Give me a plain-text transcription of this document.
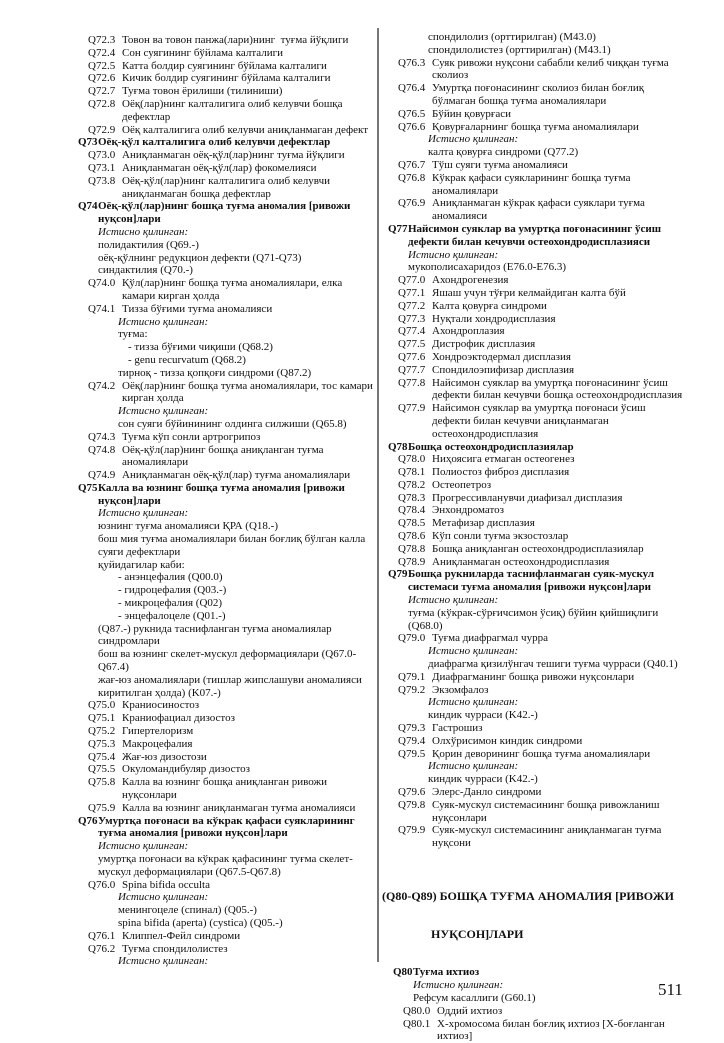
Q72.3 Товон ва товон панжа(лари)нинг  туғма йўқлиги
Q72.4 Сон суягининг бўйлама калталиги
Q72.5 Катта болдир суягининг бўйлама калталиги
Q72.6 Кичик болдир суягининг бўйлама калталиги
Q72.7 Туғма товон ёрилиши (тилиниши)
Q72.8 Оёқ(лар)нинг калталигига олиб келувчи бошқа
дефектлар
Q72.9 Оёқ калталигига олиб келувчи аниқланмаган дефект
Q73 Оёқ-қўл калталигига олиб келувчи дефектлар
Q73.0 Аниқланмаган оёқ-қўл(лар)нинг туғма йўқлиги
Q73.1 Аниқланмаган оёқ-қўл(лар) фокомелияси
Q73.8 Оёқ-қўл(лар)нинг калталигига олиб келувчи
аниқланмаган бошқа дефектлар
Q74 Оёқ-қўл(лар)нинг бошқа туғма аномалия [ривожи
нуқсон]лари
Истисно қилинган:
полидактилия (Q69.-)
оёқ-қўлнинг редукцион дефекти (Q71-Q73)
синдактилия (Q70.-)
Q74.0 Қўл(лар)нинг бошқа туғма аномалиялари, елка
камари кирган ҳолда
Q74.1 Тизза бўғими туғма аномалияси
Истисно қилинган:
туғма:
- тизза бўғими чиқиши (Q68.2)
- genu recurvatum (Q68.2)
тирноқ - тизза қопқоғи синдроми (Q87.2)
Q74.2 Оёқ(лар)нинг бошқа туғма аномалиялари, тос камари
кирган ҳолда
Истисно қилинган:
сон суяги бўйинининг олдинга силжиши (Q65.8)
Q74.3 Туғма кўп сонли артрогрипоз
Q74.8 Оёқ-қўл(лар)нинг бошқа аниқланган туғма
аномалиялари
Q74.9 Аниқланмаган оёқ-қўл(лар) туғма аномалиялари
Q75 Калла ва юзнинг бошқа туғма аномалия [ривожи
нуқсон]лари
Истисно қилинган:
юзнинг туғма аномалияси ҚРА (Q18.-)
бош мия туғма аномалиялари билан боғлиқ бўлган калла
суяги дефектлари
қуйидагилар каби:
- анэнцефалия (Q00.0)
- гидроцефалия (Q03.-)
- микроцефалия (Q02)
- энцефалоцеле (Q01.-)
(Q87.-) рукнида таснифланган туғма аномалиялар
синдромлари
бош ва юзнинг скелет-мускул деформациялари (Q67.0-
Q67.4)
жағ-юз аномалиялари (тишлар жипслашуви аномалияси
киритилган ҳолда) (K07.-)
Q75.0 Краниосиностоз
Q75.1 Краниофациал дизостоз
Q75.2 Гипертелоризм
Q75.3 Макроцефалия
Q75.4 Жағ-юз дизостози
Q75.5 Окуломандибуляр дизостоз
Q75.8 Калла ва юзнинг бошқа аниқланган ривожи
нуқсонлари
Q75.9 Калла ва юзнинг аниқланмаган туғма аномалияси
Q76 Умуртқа поғонаси ва кўкрак қафаси суякларининг
туғма аномалия [ривожи нуқсон]лари
Истисно қилинган:
умуртқа поғонаси ва кўкрак қафасининг туғма скелет-
мускул деформациялари (Q67.5-Q67.8)
Q76.0 Spina bifida occulta
Истисно қилинган:
менингоцеле (спинал) (Q05.-)
spina bifida (aperta) (cystica) (Q05.-)
Q76.1 Клиппел-Фейл синдроми
Q76.2 Туғма спондилолистез
Истисно қилинган:
спондилолиз (орттирилган) (M43.0)
спондилолистез (орттирилган) (M43.1)
Q76.3 Суяк ривожи нуқсони сабабли келиб чиққан туғма
сколиоз
Q76.4 Умуртқа поғонасининг сколиоз билан боғлиқ
бўлмаган бошқа туғма аномалиялари
Q76.5 Бўйин қовурғаси
Q76.6 Қовурғаларнинг бошқа туғма аномалиялари
Истисно қилинган:
калта қовурға синдроми (Q77.2)
Q76.7 Тўш суяги туғма аномалияси
Q76.8 Кўкрак қафаси суякларининг бошқа туғма
аномалиялари
Q76.9 Аниқланмаган кўкрак қафаси суяклари туғма
аномалияси
Q77 Найсимон суяклар ва умуртқа поғонасининг ўсиш
дефекти билан кечувчи остеохондродисплазияси
Истисно қилинган:
мукополисахаридоз (E76.0-E76.3)
Q77.0 Ахондрогенезия
Q77.1 Яшаш учун тўғри келмайдиган калта бўй
Q77.2 Калта қовурға синдроми
Q77.3 Нуқтали хондродисплазия
Q77.4 Ахондроплазия
Q77.5 Дистрофик дисплазия
Q77.6 Хондроэктодермал дисплазия
Q77.7 Спондилоэпифизар дисплазия
Q77.8 Найсимон суяклар ва умуртқа поғонасининг ўсиш
дефекти билан кечувчи бошқа остеохондродисплазия
Q77.9 Найсимон суяклар ва умуртқа поғонаси ўсиш
дефекти билан кечувчи аниқланмаган
остеохондродисплазия
Q78 Бошқа остеохондродисплазиялар
Q78.0 Ниҳоясига етмаган остеогенез
Q78.1 Полиостоз фиброз дисплазия
Q78.2 Остеопетроз
Q78.3 Прогрессивланувчи диафизал дисплазия
Q78.4 Энхондроматоз
Q78.5 Метафизар дисплазия
Q78.6 Кўп сонли туғма экзостозлар
Q78.8 Бошқа аниқланган остеохондродисплазиялар
Q78.9 Аниқланмаган остеохондродисплазия
Q79 Бошқа рукниларда таснифланмаган суяк-мускул
системаси туғма аномалия [ривожи нуқсон]лари
Истисно қилинган:
туғма (кўкрак-сўрғичсимон ўсиқ) бўйин қийшиқлиги
(Q68.0)
Q79.0 Туғма диафрагмал чурра
Истисно қилинган:
диафрагма қизилўнгач тешиги туғма чурраси (Q40.1)
Q79.1 Диафрагманинг бошқа ривожи нуқсонлари
Q79.2 Экзомфалоз
Истисно қилинган:
киндик чурраси (K42.-)
Q79.3 Гастрошиз
Q79.4 Олхўрисимон киндик синдроми
Q79.5 Қорин деворининг бошқа туғма аномалиялари
Истисно қилинган:
киндик чурраси (K42.-)
Q79.6 Элерс-Данло синдроми
Q79.8 Суяк-мускул системасининг бошқа ривожланиш
нуқсонлари
Q79.9 Суяк-мускул системасининг аниқланмаган туғма
нуқсони

(Q80-Q89) БОШҚА ТУҒМА АНОМАЛИЯ [РИВОЖИ

НУҚСОН]ЛАРИ

Q80 Туғма ихтиоз
Истисно қилинган:
Рефсум касаллиги (G60.1)
Q80.0 Оддий ихтиоз
Q80.1 X-хромосома билан боғлиқ ихтиоз [X-боғланган
ихтиоз]
511
